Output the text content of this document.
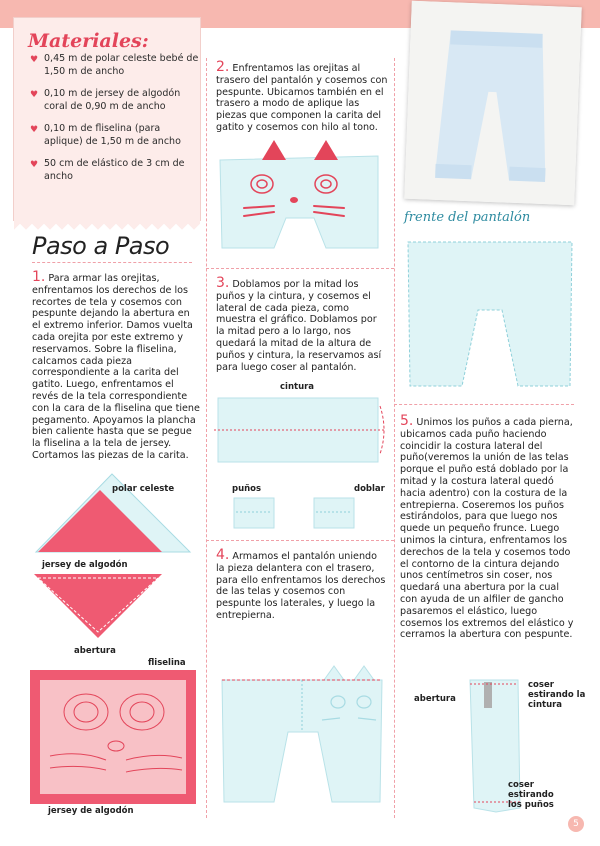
Materiales:
♥ 0,45 m de polar celeste bebé de 1,50 m de ancho
♥ 0,10 m de jersey de algodón coral de 0,90 m de ancho
♥ 0,10 m de fliselina (para aplique) de 1,50 m de ancho
♥ 50 cm de elástico de 3 cm de ancho
Paso a Paso
1. Para armar las orejitas, enfrentamos los derechos de los recortes de tela y cosemos con pespunte dejando la abertura en el extremo inferior. Damos vuelta cada orejita por este extremo y reservamos. Sobre la fliselina, calcamos cada pieza correspondiente a la carita del gatito. Luego, enfrentamos el revés de la tela correspondiente con la cara de la fliselina que tiene pegamento. Apoyamos la plancha bien caliente hasta que se pegue la fliselina a la tela de jersey. Cortamos las piezas de la carita.
polar celeste
jersey de algodón
abertura
fliselina
jersey de algodón
2. Enfrentamos las orejitas al trasero del pantalón y cosemos con pespunte. Ubicamos también en el trasero a modo de aplique las piezas que componen la carita del gatito y cosemos con hilo al tono.
3. Doblamos por la mitad los puños y la cintura, y cosemos el lateral de cada pieza, como muestra el gráfico. Doblamos por la mitad pero a lo largo, nos quedará la mitad de la altura de puños y cintura, la reservamos así para luego coser al pantalón.
cintura
puños	doblar
4. Armamos el pantalón uniendo la pieza delantera con el trasero, para ello enfrentamos los derechos de las telas y cosemos con pespunte los laterales, y luego la entrepierna.
frente del pantalón
5. Unimos los puños a cada pierna, ubicamos cada puño haciendo coincidir la costura lateral del puño(veremos la unión de las telas porque el puño está doblado por la mitad y la costura lateral quedó hacia adentro) con la costura de la entrepierna. Coseremos los puños estirándolos, para que luego nos quede un pequeño frunce. Luego unimos la cintura, enfrentamos los derechos de la tela y cosemos todo el contorno de la cintura dejando unos centímetros sin coser, nos quedará una abertura por la cual con ayuda de un alfiler de gancho pasaremos el elástico, luego cosemos los extremos del elástico y cerramos la abertura con pespunte.
abertura
coser estirando la cintura
coser estirando los puños
5
